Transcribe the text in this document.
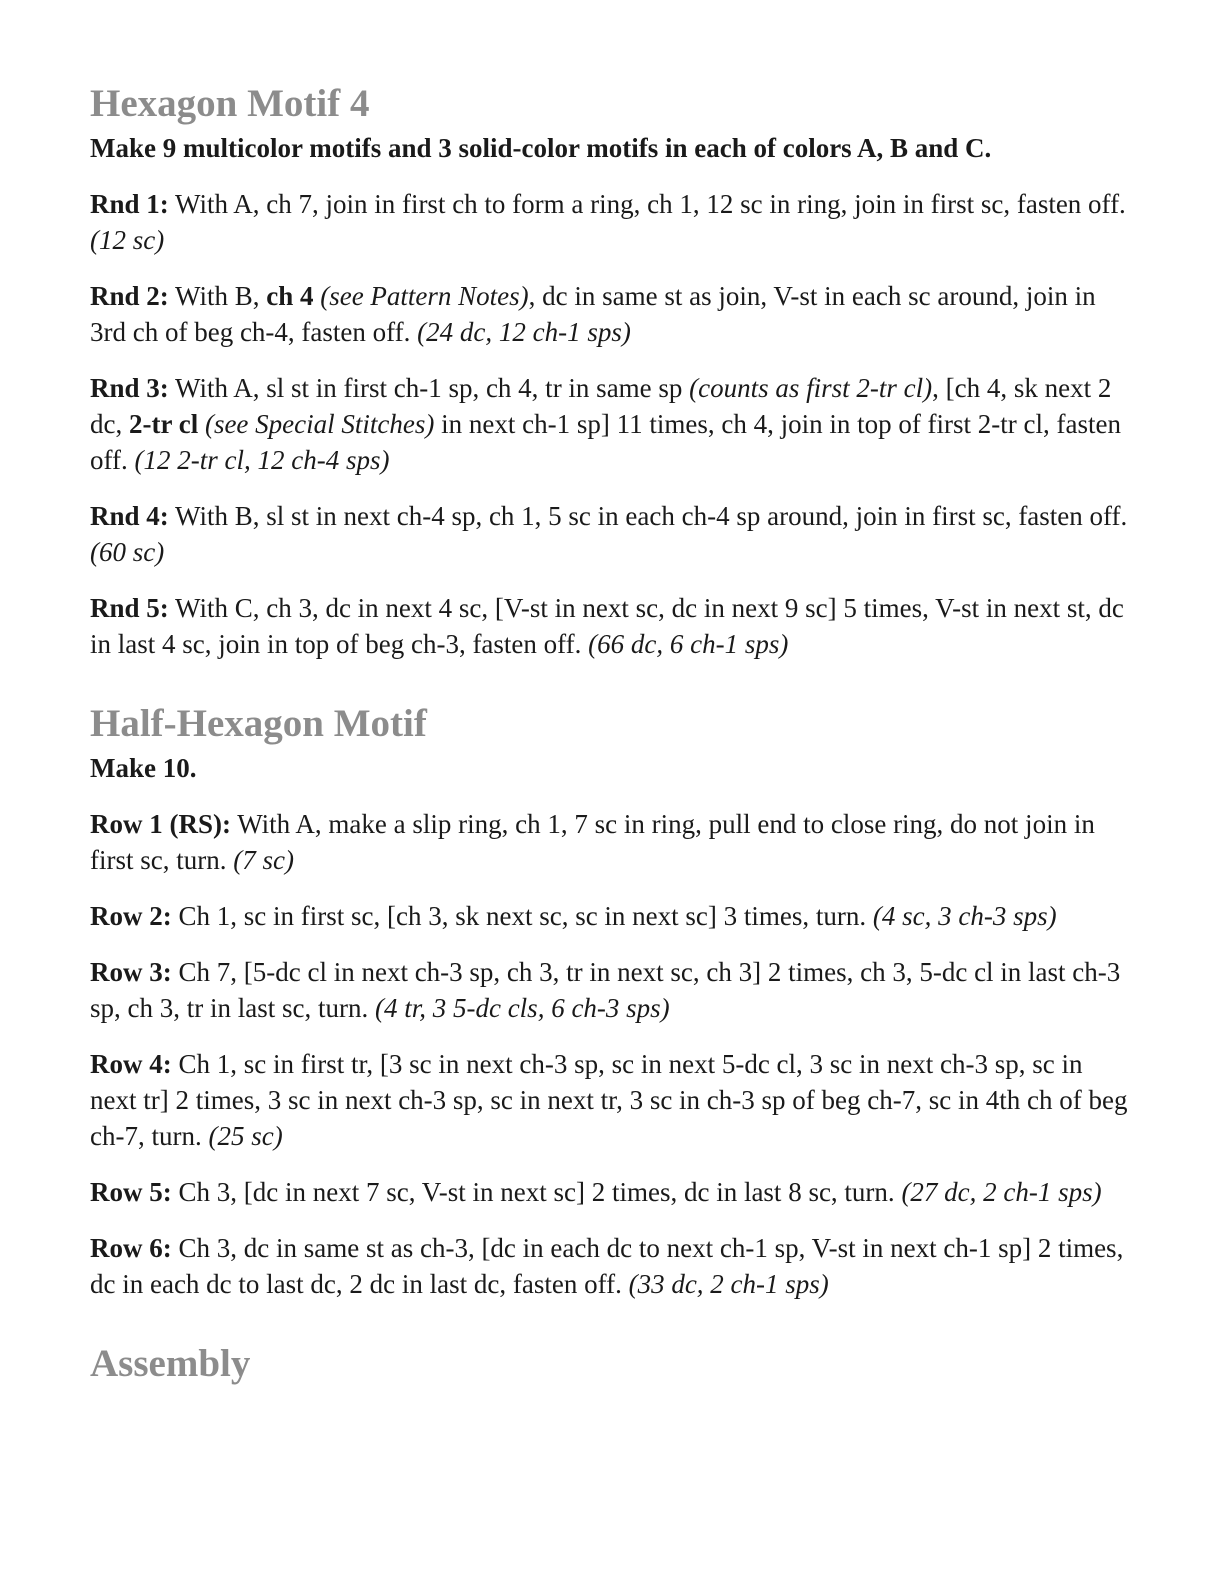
Hexagon Motif 4

Make 9 multicolor motifs and 3 solid-color motifs in each of colors A, B and C.

Rnd 1: With A, ch 7, join in first ch to form a ring, ch 1, 12 sc in ring, join in first sc, fasten off. (12 sc)

Rnd 2: With B, ch 4 (see Pattern Notes), dc in same st as join, V-st in each sc around, join in 3rd ch of beg ch-4, fasten off. (24 dc, 12 ch-1 sps)

Rnd 3: With A, sl st in first ch-1 sp, ch 4, tr in same sp (counts as first 2-tr cl), [ch 4, sk next 2 dc, 2-tr cl (see Special Stitches) in next ch-1 sp] 11 times, ch 4, join in top of first 2-tr cl, fasten off. (12 2-tr cl, 12 ch-4 sps)

Rnd 4: With B, sl st in next ch-4 sp, ch 1, 5 sc in each ch-4 sp around, join in first sc, fasten off. (60 sc)

Rnd 5: With C, ch 3, dc in next 4 sc, [V-st in next sc, dc in next 9 sc] 5 times, V-st in next st, dc in last 4 sc, join in top of beg ch-3, fasten off. (66 dc, 6 ch-1 sps)

Half-Hexagon Motif

Make 10.

Row 1 (RS): With A, make a slip ring, ch 1, 7 sc in ring, pull end to close ring, do not join in first sc, turn. (7 sc)

Row 2: Ch 1, sc in first sc, [ch 3, sk next sc, sc in next sc] 3 times, turn. (4 sc, 3 ch-3 sps)

Row 3: Ch 7, [5-dc cl in next ch-3 sp, ch 3, tr in next sc, ch 3] 2 times, ch 3, 5-dc cl in last ch-3 sp, ch 3, tr in last sc, turn. (4 tr, 3 5-dc cls, 6 ch-3 sps)

Row 4: Ch 1, sc in first tr, [3 sc in next ch-3 sp, sc in next 5-dc cl, 3 sc in next ch-3 sp, sc in next tr] 2 times, 3 sc in next ch-3 sp, sc in next tr, 3 sc in ch-3 sp of beg ch-7, sc in 4th ch of beg ch-7, turn. (25 sc)

Row 5: Ch 3, [dc in next 7 sc, V-st in next sc] 2 times, dc in last 8 sc, turn. (27 dc, 2 ch-1 sps)

Row 6: Ch 3, dc in same st as ch-3, [dc in each dc to next ch-1 sp, V-st in next ch-1 sp] 2 times, dc in each dc to last dc, 2 dc in last dc, fasten off. (33 dc, 2 ch-1 sps)

Assembly
